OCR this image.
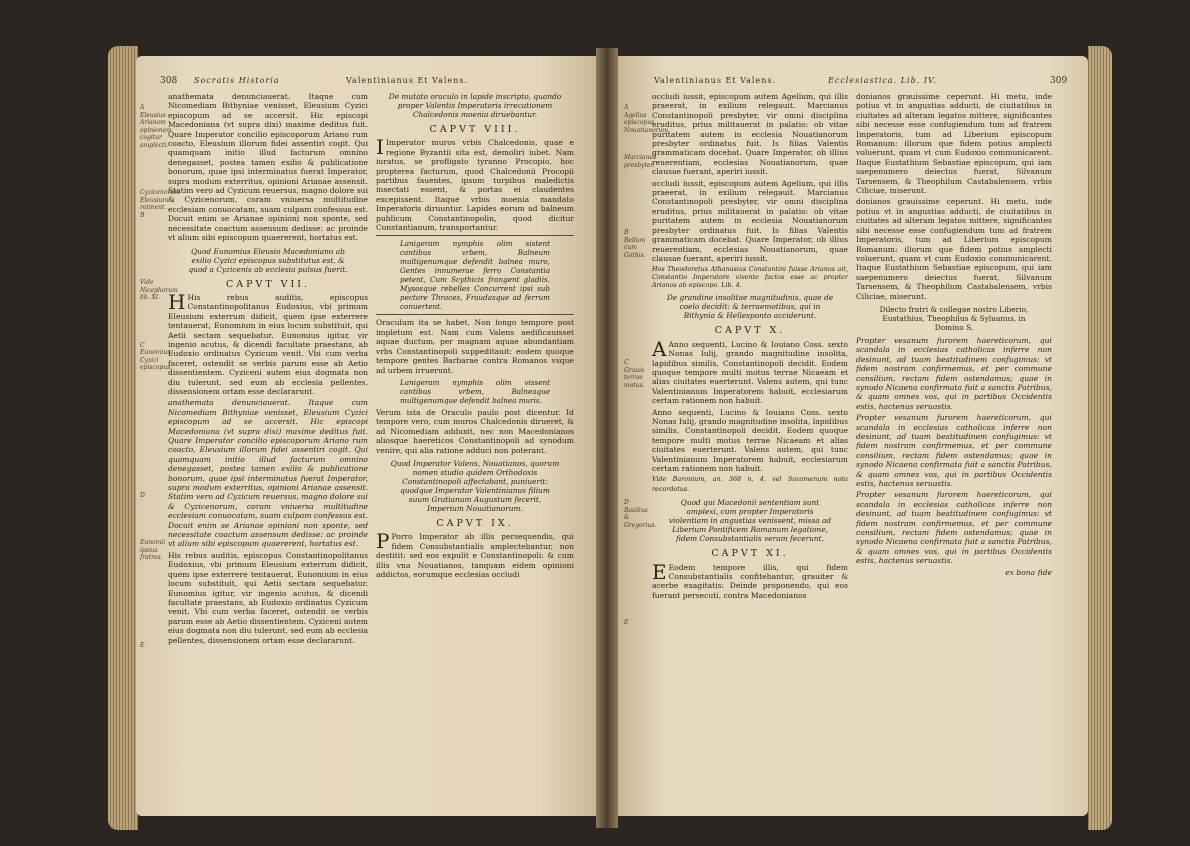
308 Socratis Historia	Valentinianus Et Valens.
A
Eleusius Arianam opinionem cogitur amplecti.
Cyzicenorum Eleusium retinent.
B
Vide Nicephorum lib. XI.
C
Eunomius Cyzici episcopus.
D
Eunomii ipsius fratres.
E

anathemata denunciauerat. Itaque cum Nicomediam Bithyniae venisset, Eleusium Cyzici episcopum ad se accersit. Hic episcopi Macedoniana (vt supra dixi) maxime deditus fuit. Quare Imperator concilio episcoporum Ariano rum coacto, Eleusium illorum fidei assentiri cogit. Qui quamquam initio illud facturum omnino denegasset, postea tamen exilio & publicatione bonorum, quae ipsi interminatus fuerat Imperator, supra modum exterritus, opinioni Arianae assensit. Statim vero ad Cyzicum reuersus, magno dolore sui & Cyzicenorum, coram vniuersa multitudine ecclesiam conuocatam, suam culpam confessus est. Docuit enim se Arianae opinioni non sponte, sed necessitate coactum assensum dedisse: ac proinde vt alium sibi episcopum quaererent, hortatus est.

Quod Eunomius Eleusio Macedoniano ab exilio Cyzici episcopus substitutus est, & quod a Cyzicenis ab ecclesia pulsus fuerit.
CAPVT VII.

H His rebus auditis, episcopus Constantinopolitanus Eudoxius, vbi primum Eleusium exterrum didicit, quem ipse exterrere tentauerat, Eunomium in eius locum substituit, qui Aetii sectam sequebatur. Eunomius igitur, vir ingenio acutus, & dicendi facultate praestans, ab Eudoxio ordinatus Cyzicum venit. Vbi cum verba faceret, ostendit se verbis parum esse ab Aetio dissentientem. Cyziceni autem eius dogmata non diu tulerunt, sed eum ab ecclesia pellentes, dissensionem ortam esse declararunt.

anathemata denunciauerat. Itaque cum Nicomediam Bithyniae venisset, Eleusium Cyzici episcopum ad se accersit. Hic episcopi Macedoniana (vt supra dixi) maxime deditus fuit. Quare Imperator concilio episcoporum Ariano rum coacto, Eleusium illorum fidei assentiri cogit. Qui quamquam initio illud facturum omnino denegasset, postea tamen exilio & publicatione bonorum, quae ipsi interminatus fuerat Imperator, supra modum exterritus, opinioni Arianae assensit. Statim vero ad Cyzicum reuersus, magno dolore sui & Cyzicenorum, coram vniuersa multitudine ecclesiam conuocatam, suam culpam confessus est. Docuit enim se Arianae opinioni non sponte, sed necessitate coactum assensum dedisse: ac proinde vt alium sibi episcopum quaererent, hortatus est.

His rebus auditis, episcopus Constantinopolitanus Eudoxius, vbi primum Eleusium exterrum didicit, quem ipse exterrere tentauerat, Eunomium in eius locum substituit, qui Aetii sectam sequebatur. Eunomius igitur, vir ingenio acutus, & dicendi facultate praestans, ab Eudoxio ordinatus Cyzicum venit. Vbi cum verba faceret, ostendit se verbis parum esse ab Aetio dissentientem. Cyziceni autem eius dogmata non diu tulerunt, sed eum ab ecclesia pellentes, dissensionem ortam esse declararunt.

De mutato oraculo in lapide inscripto, quando proper Valentis Imperatoris irrecationem Chalcedonis moenia diruebantur.
CAPVT VIII.

I Imperator muros vrbis Chalcedonis, quae e regione Byzantii sita est, demoliri iubet. Nam iuratus, se profligato tyranno Procopio, hoc propterea facturum, quod Chalcedonii Procopii partibus fauentes, ipsum turpibus maledictis insectati essent, & portas ei claudentes excepissent. Itaque vrbis moenia mandato Imperatoris diruuntur. Lapides eorum ad balneum publicum Constantinopolin, quod dicitur Constantianum, transportantur.

Lanigeram nymphis olim sistent cantibus vrbem, Balneum multigenumque defendit balnea muro, Gentes innumerae ferro Constantia petent, Cum Scythicis frangent gladiis, Mysosque rebelles Concurrent ipsi sub pectore Thraces, Fraudasque ad ferrum conuertent.

Oraculum ita se habet. Non longo tempore post impletum est. Nam cum Valens aedificauisset aquae ductum, per magnam aquae abundantiam vrbs Constantinopoli suppeditauit: eodem quoque tempore gentes Barbarae contra Romanos vsque ad urbem irruerunt.

Lanigeram nymphis olim vissent cantibus vrbem, Balneaque multigenumque defendit balnea muris.

Verum ista de Oraculo paulo post dicentur. Id tempore vero, cum muros Chalcedonis dirueret, & ad Nicomediam adduxit, nec non Macedonianos aliosque haereticos Constantinopoli ad synodum venire, qui alia ratione adduci non poterant.

Quod Imperator Valens, Nouatianos, quorum nomen studio quidem Orthodoxis Constantinopoli affectabant, puniuerit: quodque Imperator Valentinianus filium suum Gratianum Augustum fecerit, Imperium Nouatianorum.
CAPVT IX.

P Porro Imperator ab illis persequendis, qui fidem Consubstantialis amplectebantur, non destitit: sed eos expulit e Constantinopoli: & cum illis vna Nouatianos, tanquam eidem opinioni addictos, eorumque ecclesias occludi

Valentinianus Et Valens.	Ecclesiastica. Lib. IV.	309
A
Agelius episcopus Nouatianorum.
Marcianus presbyter.
B
Bellum cum Gothis.
C
Grauis terrae motus.
D
Basilius & Gregorius.
E

occludi iussit, episcopum autem Agelium, qui illis praeerat, in exilium relegauit. Marcianus Constantinopoli presbyter, vir omni disciplina eruditus, prius militauerat in palatio: ob vitae puritatem autem in ecclesia Nouatianorum presbyter ordinatus fuit. Is filias Valentis grammaticam docebat. Quare Imperator, ob illius reuerentiam, ecclesias Nouatianorum, quae clausae fuerant, aperiri iussit.

occludi iussit, episcopum autem Agelium, qui illis praeerat, in exilium relegauit. Marcianus Constantinopoli presbyter, vir omni disciplina eruditus, prius militauerat in palatio: ob vitae puritatem autem in ecclesia Nouatianorum presbyter ordinatus fuit. Is filias Valentis grammaticam docebat. Quare Imperator, ob illius reuerentiam, ecclesias Nouatianorum, quae clausae fuerant, aperiri iussit.

Hos Theodoretus Athanasius Constantini fuisse Arianos ait, Constantio Imperatore vivente factos esse ac propter Arianos ab episcopo. Lib. 4.

De grandine insolitae magnitudinis, quae de coelo decidit: & terraemotibus, qui in Bithynia & Hellesponto acciderunt.
CAPVT X.

A Anno sequenti, Lucino & Iouiano Coss. sexto Nonas Iulij, grando magnitudine insolita, lapidibus similis, Constantinopoli decidit. Eodem quoque tempore multi motus terrae Nicaeam et alias ciuitates euerterunt. Valens autem, qui tunc Valentinianum Imperatorem habuit, ecclesiarum certam rationem non habuit.

Anno sequenti, Lucino & Iouiano Coss. sexto Nonas Iulij, grando magnitudine insolita, lapidibus similis, Constantinopoli decidit. Eodem quoque tempore multi motus terrae Nicaeam et alias ciuitates euerterunt. Valens autem, qui tunc Valentinianum Imperatorem habuit, ecclesiarum certam rationem non habuit.

Vide Baronium, an. 368 n. 4. vel Sozomenum nota recordatus.

Quod qui Macedonii sententiam sunt amplexi, cum propter Imperatoris violentiam in angustias venissent, missa ad Liberium Pontificem Romanum legatione, fidem Consubstantialis veram fecerunt.
CAPVT XI.

E Eodem tempore illis, qui fidem Consubstantialis confitebantur, grauiter & acerbe exagitatis: Deinde proponendo, qui eos fuerant persecuti, contra Macedonianos

donianos grauissime ceperunt. Hi metu, inde potius vt in angustias adducti, de ciuitatibus in ciuitates ad alteram legatos mittere, significantes sibi necesse esse confugiendum tum ad fratrem Imperatoris, tum ad Liberium episcopum Romanum: illorum que fidem potius amplecti voluerunt, quam vt cum Eudoxio communicarent. Itaque Eustathium Sebastiae episcopum, qui iam saepenumero deiectus fuerat, Silvanum Tarsensem, & Theophilum Castabalensem, vrbis Ciliciae, miserunt.

donianos grauissime ceperunt. Hi metu, inde potius vt in angustias adducti, de ciuitatibus in ciuitates ad alteram legatos mittere, significantes sibi necesse esse confugiendum tum ad fratrem Imperatoris, tum ad Liberium episcopum Romanum: illorum que fidem potius amplecti voluerunt, quam vt cum Eudoxio communicarent. Itaque Eustathium Sebastiae episcopum, qui iam saepenumero deiectus fuerat, Silvanum Tarsensem, & Theophilum Castabalensem, vrbis Ciliciae, miserunt.

Dilecto fratri & collegae nostro Liberio, Eustathius, Theophilus & Syluanus, in Domino S.

Propter vesanum furorem haereticorum, qui scandala in ecclesias catholicas inferre non desinunt, ad tuam beatitudinem confugimus: vt fidem nostram confirmemus, et per commune consilium, rectam fidem ostendamus; quae in synodo Nicaena confirmata fuit a sanctis Patribus, & quam omnes vos, qui in partibus Occidentis estis, hactenus seruastis.

Propter vesanum furorem haereticorum, qui scandala in ecclesias catholicas inferre non desinunt, ad tuam beatitudinem confugimus: vt fidem nostram confirmemus, et per commune consilium, rectam fidem ostendamus; quae in synodo Nicaena confirmata fuit a sanctis Patribus, & quam omnes vos, qui in partibus Occidentis estis, hactenus seruastis.

Propter vesanum furorem haereticorum, qui scandala in ecclesias catholicas inferre non desinunt, ad tuam beatitudinem confugimus: vt fidem nostram confirmemus, et per commune consilium, rectam fidem ostendamus; quae in synodo Nicaena confirmata fuit a sanctis Patribus, & quam omnes vos, qui in partibus Occidentis estis, hactenus seruastis.

ex bona fide
